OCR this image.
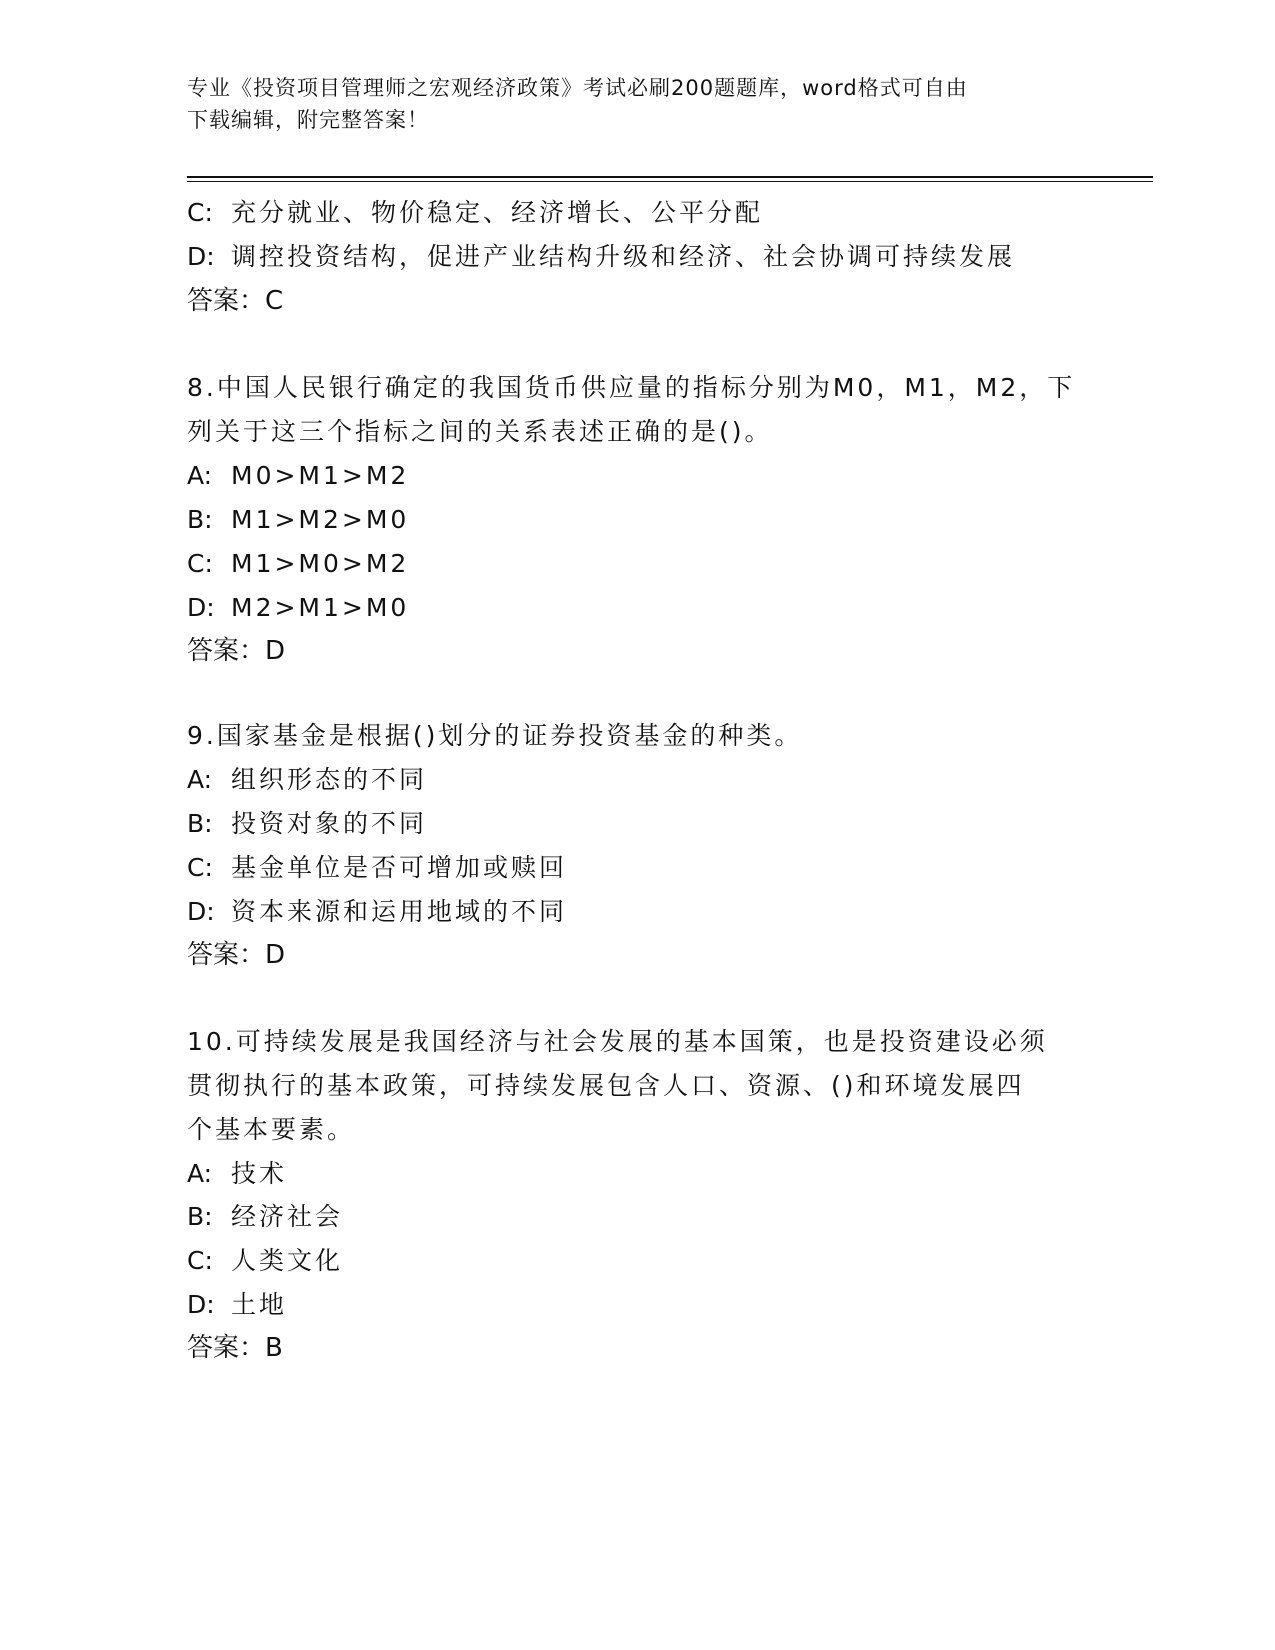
专业《投资项目管理师之宏观经济政策》考试必刷200题题库，word格式可自由
下载编辑，附完整答案！
C: 充分就业、物价稳定、经济增长、公平分配
D: 调控投资结构，促进产业结构升级和经济、社会协调可持续发展
答案：C
8.中国人民银行确定的我国货币供应量的指标分别为M0，M1，M2，下
列关于这三个指标之间的关系表述正确的是()。
A: M0>M1>M2
B: M1>M2>M0
C: M1>M0>M2
D: M2>M1>M0
答案：D
9.国家基金是根据()划分的证券投资基金的种类。
A: 组织形态的不同
B: 投资对象的不同
C: 基金单位是否可增加或赎回
D: 资本来源和运用地域的不同
答案：D
10.可持续发展是我国经济与社会发展的基本国策，也是投资建设必须
贯彻执行的基本政策，可持续发展包含人口、资源、()和环境发展四
个基本要素。
A: 技术
B: 经济社会
C: 人类文化
D: 土地
答案：B
